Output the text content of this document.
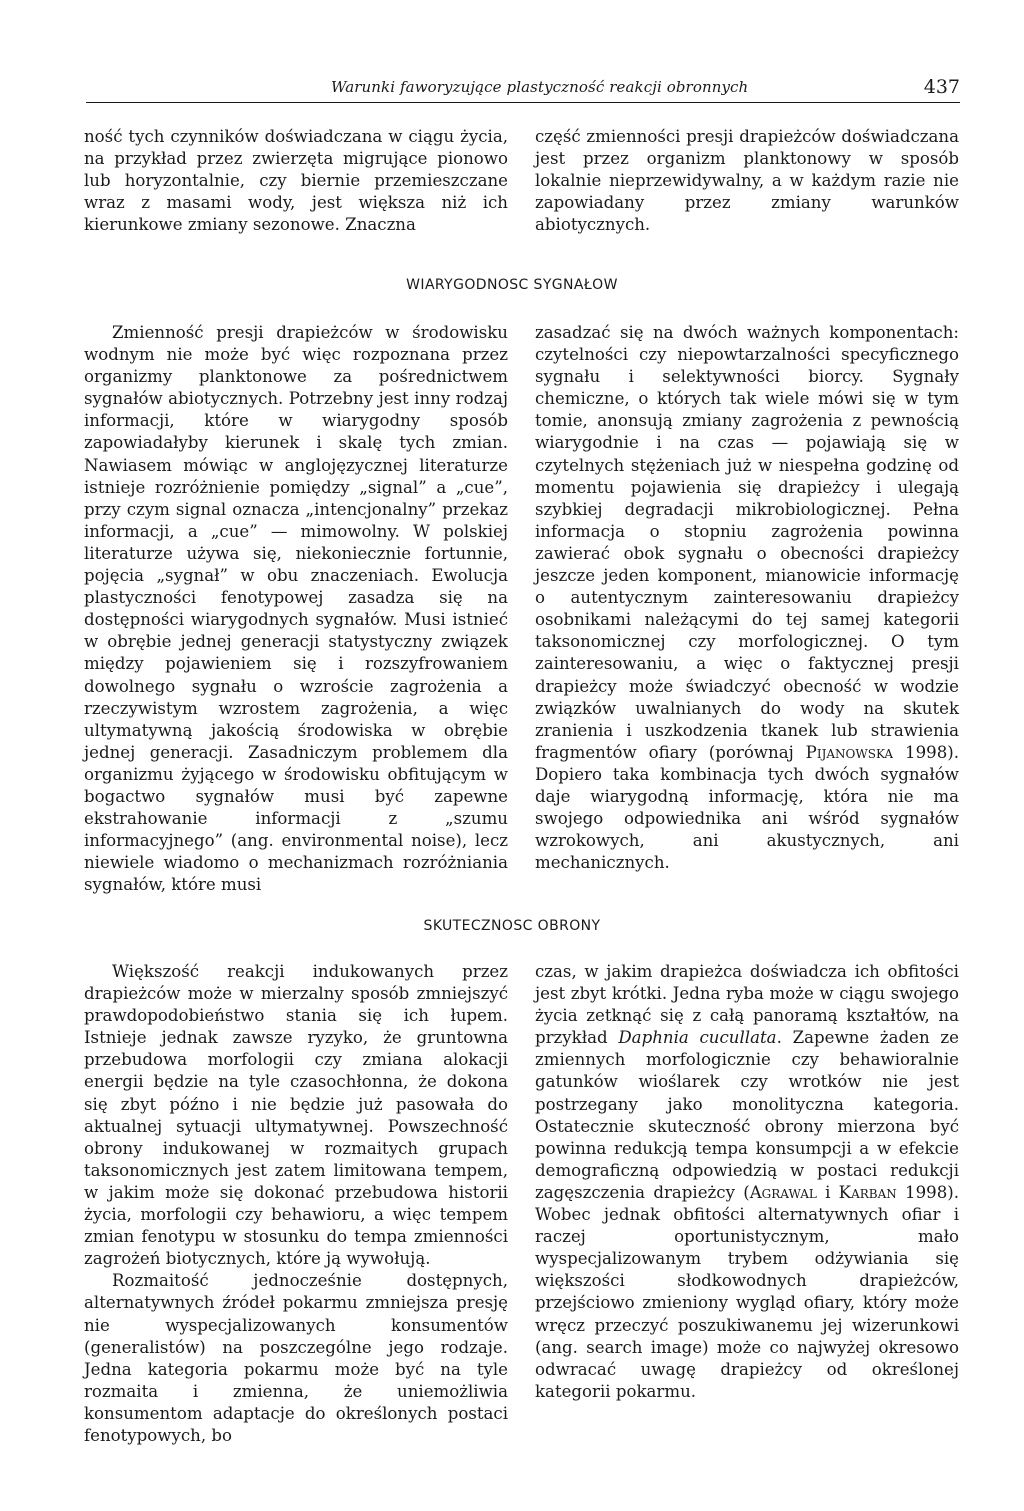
Warunki faworyzujące plastyczność reakcji obronnych	437

ność tych czynników doświadczana w ciągu życia, na przykład przez zwierzęta migrujące pionowo lub horyzontalnie, czy biernie przemieszczane wraz z masami wody, jest większa niż ich kierunkowe zmiany sezonowe. Znaczna

część zmienności presji drapieżców doświadczana jest przez organizm planktonowy w sposób lokalnie nieprzewidywalny, a w każdym razie nie zapowiadany przez zmiany warunków abiotycznych.

WIARYGODNOSC SYGNAŁOW

Zmienność presji drapieżców w środowisku wodnym nie może być więc rozpoznana przez organizmy planktonowe za pośrednictwem sygnałów abiotycznych. Potrzebny jest inny rodzaj informacji, które w wiarygodny sposób zapowiadałyby kierunek i skalę tych zmian. Nawiasem mówiąc w anglojęzycznej literaturze istnieje rozróżnienie pomiędzy „signal” a „cue”, przy czym signal oznacza „intencjonalny” przekaz informacji, a „cue” — mimowolny. W polskiej literaturze używa się, niekoniecznie fortunnie, pojęcia „sygnał” w obu znaczeniach. Ewolucja plastyczności fenotypowej zasadza się na dostępności wiarygodnych sygnałów. Musi istnieć w obrębie jednej generacji statystyczny związek między pojawieniem się i rozszyfrowaniem dowolnego sygnału o wzroście zagrożenia a rzeczywistym wzrostem zagrożenia, a więc ultymatywną jakością środowiska w obrębie jednej generacji. Zasadniczym problemem dla organizmu żyjącego w środowisku obfitującym w bogactwo sygnałów musi być zapewne ekstrahowanie informacji z „szumu informacyjnego” (ang. environmental noise), lecz niewiele wiadomo o mechanizmach rozróżniania sygnałów, które musi

zasadzać się na dwóch ważnych komponentach: czytelności czy niepowtarzalności specyficznego sygnału i selektywności biorcy. Sygnały chemiczne, o których tak wiele mówi się w tym tomie, anonsują zmiany zagrożenia z pewnością wiarygodnie i na czas — pojawiają się w czytelnych stężeniach już w niespełna godzinę od momentu pojawienia się drapieżcy i ulegają szybkiej degradacji mikrobiologicznej. Pełna informacja o stopniu zagrożenia powinna zawierać obok sygnału o obecności drapieżcy jeszcze jeden komponent, mianowicie informację o autentycznym zainteresowaniu drapieżcy osobnikami należącymi do tej samej kategorii taksonomicznej czy morfologicznej. O tym zainteresowaniu, a więc o faktycznej presji drapieżcy może świadczyć obecność w wodzie związków uwalnianych do wody na skutek zranienia i uszkodzenia tkanek lub strawienia fragmentów ofiary (porównaj Pijanowska 1998). Dopiero taka kombinacja tych dwóch sygnałów daje wiarygodną informację, która nie ma swojego odpowiednika ani wśród sygnałów wzrokowych, ani akustycznych, ani mechanicznych.

SKUTECZNOSC OBRONY

Większość reakcji indukowanych przez drapieżców może w mierzalny sposób zmniejszyć prawdopodobieństwo stania się ich łupem. Istnieje jednak zawsze ryzyko, że gruntowna przebudowa morfologii czy zmiana alokacji energii będzie na tyle czasochłonna, że dokona się zbyt późno i nie będzie już pasowała do aktualnej sytuacji ultymatywnej. Powszechność obrony indukowanej w rozmaitych grupach taksonomicznych jest zatem limitowana tempem, w jakim może się dokonać przebudowa historii życia, morfologii czy behawioru, a więc tempem zmian fenotypu w stosunku do tempa zmienności zagrożeń biotycznych, które ją wywołują.

Rozmaitość jednocześnie dostępnych, alternatywnych źródeł pokarmu zmniejsza presję nie wyspecjalizowanych konsumentów (generalistów) na poszczególne jego rodzaje. Jedna kategoria pokarmu może być na tyle rozmaita i zmienna, że uniemożliwia konsumentom adaptacje do określonych postaci fenotypowych, bo

czas, w jakim drapieżca doświadcza ich obfitości jest zbyt krótki. Jedna ryba może w ciągu swojego życia zetknąć się z całą panoramą kształtów, na przykład Daphnia cucullata. Zapewne żaden ze zmiennych morfologicznie czy behawioralnie gatunków wioślarek czy wrotków nie jest postrzegany jako monolityczna kategoria. Ostatecznie skuteczność obrony mierzona być powinna redukcją tempa konsumpcji a w efekcie demograficzną odpowiedzią w postaci redukcji zagęszczenia drapieżcy (Agrawal i Karban 1998). Wobec jednak obfitości alternatywnych ofiar i raczej oportunistycznym, mało wyspecjalizowanym trybem odżywiania się większości słodkowodnych drapieżców, przejściowo zmieniony wygląd ofiary, który może wręcz przeczyć poszukiwanemu jej wizerunkowi (ang. search image) może co najwyżej okresowo odwracać uwagę drapieżcy od określonej kategorii pokarmu.
